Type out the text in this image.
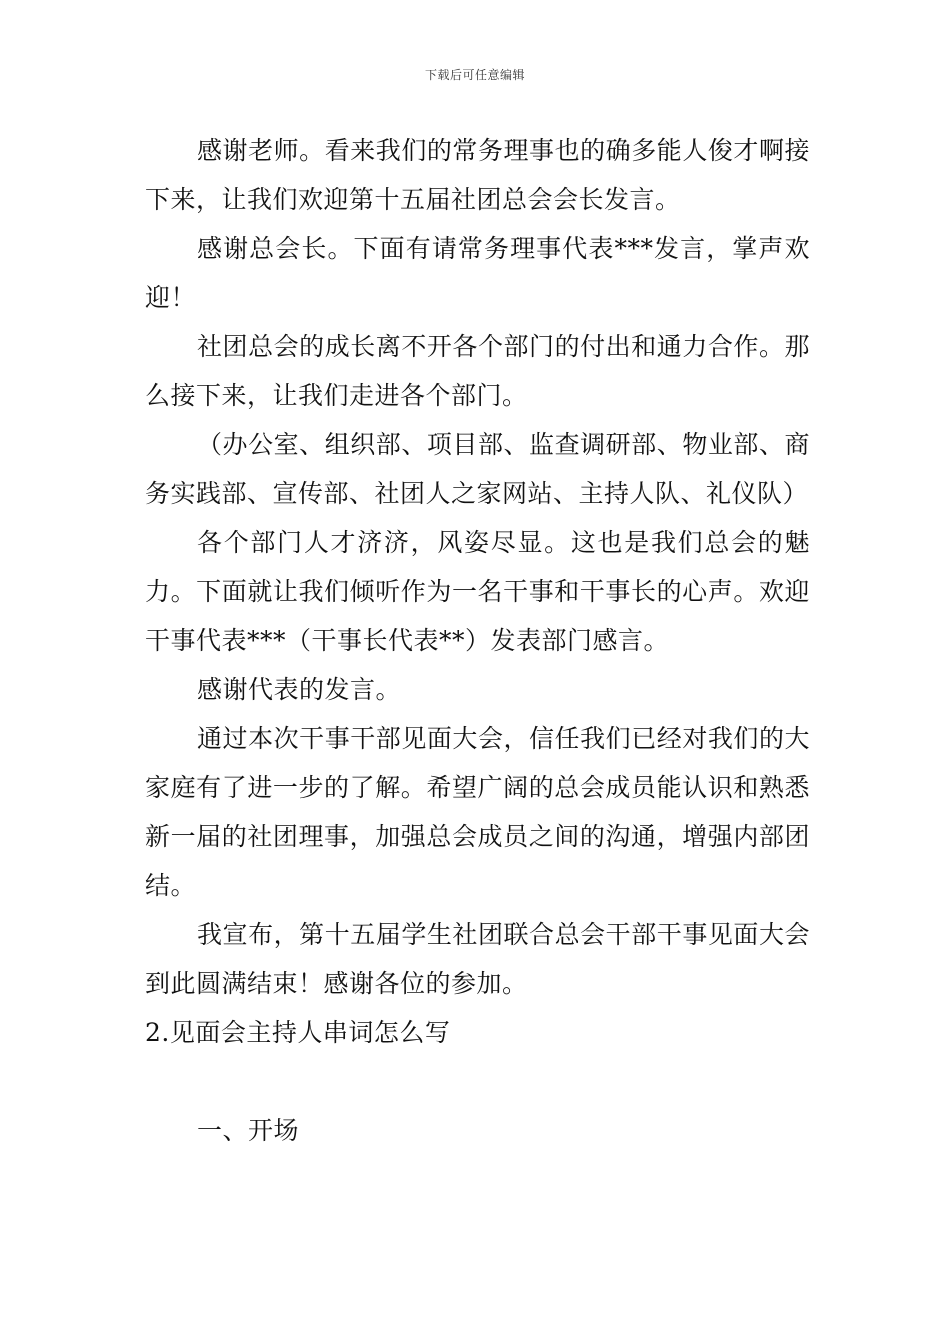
下载后可任意编辑

感谢老师。看来我们的常务理事也的确多能人俊才啊接下来，让我们欢迎第十五届社团总会会长发言。

感谢总会长。下面有请常务理事代表***发言，掌声欢迎！

社团总会的成长离不开各个部门的付出和通力合作。那么接下来，让我们走进各个部门。

（办公室、组织部、项目部、监查调研部、物业部、商务实践部、宣传部、社团人之家网站、主持人队、礼仪队）

各个部门人才济济，风姿尽显。这也是我们总会的魅力。下面就让我们倾听作为一名干事和干事长的心声。欢迎干事代表***（干事长代表**）发表部门感言。

感谢代表的发言。

通过本次干事干部见面大会，信任我们已经对我们的大家庭有了进一步的了解。希望广阔的总会成员能认识和熟悉新一届的社团理事，加强总会成员之间的沟通，增强内部团结。

我宣布，第十五届学生社团联合总会干部干事见面大会到此圆满结束！感谢各位的参加。

2.见面会主持人串词怎么写

一、开场
